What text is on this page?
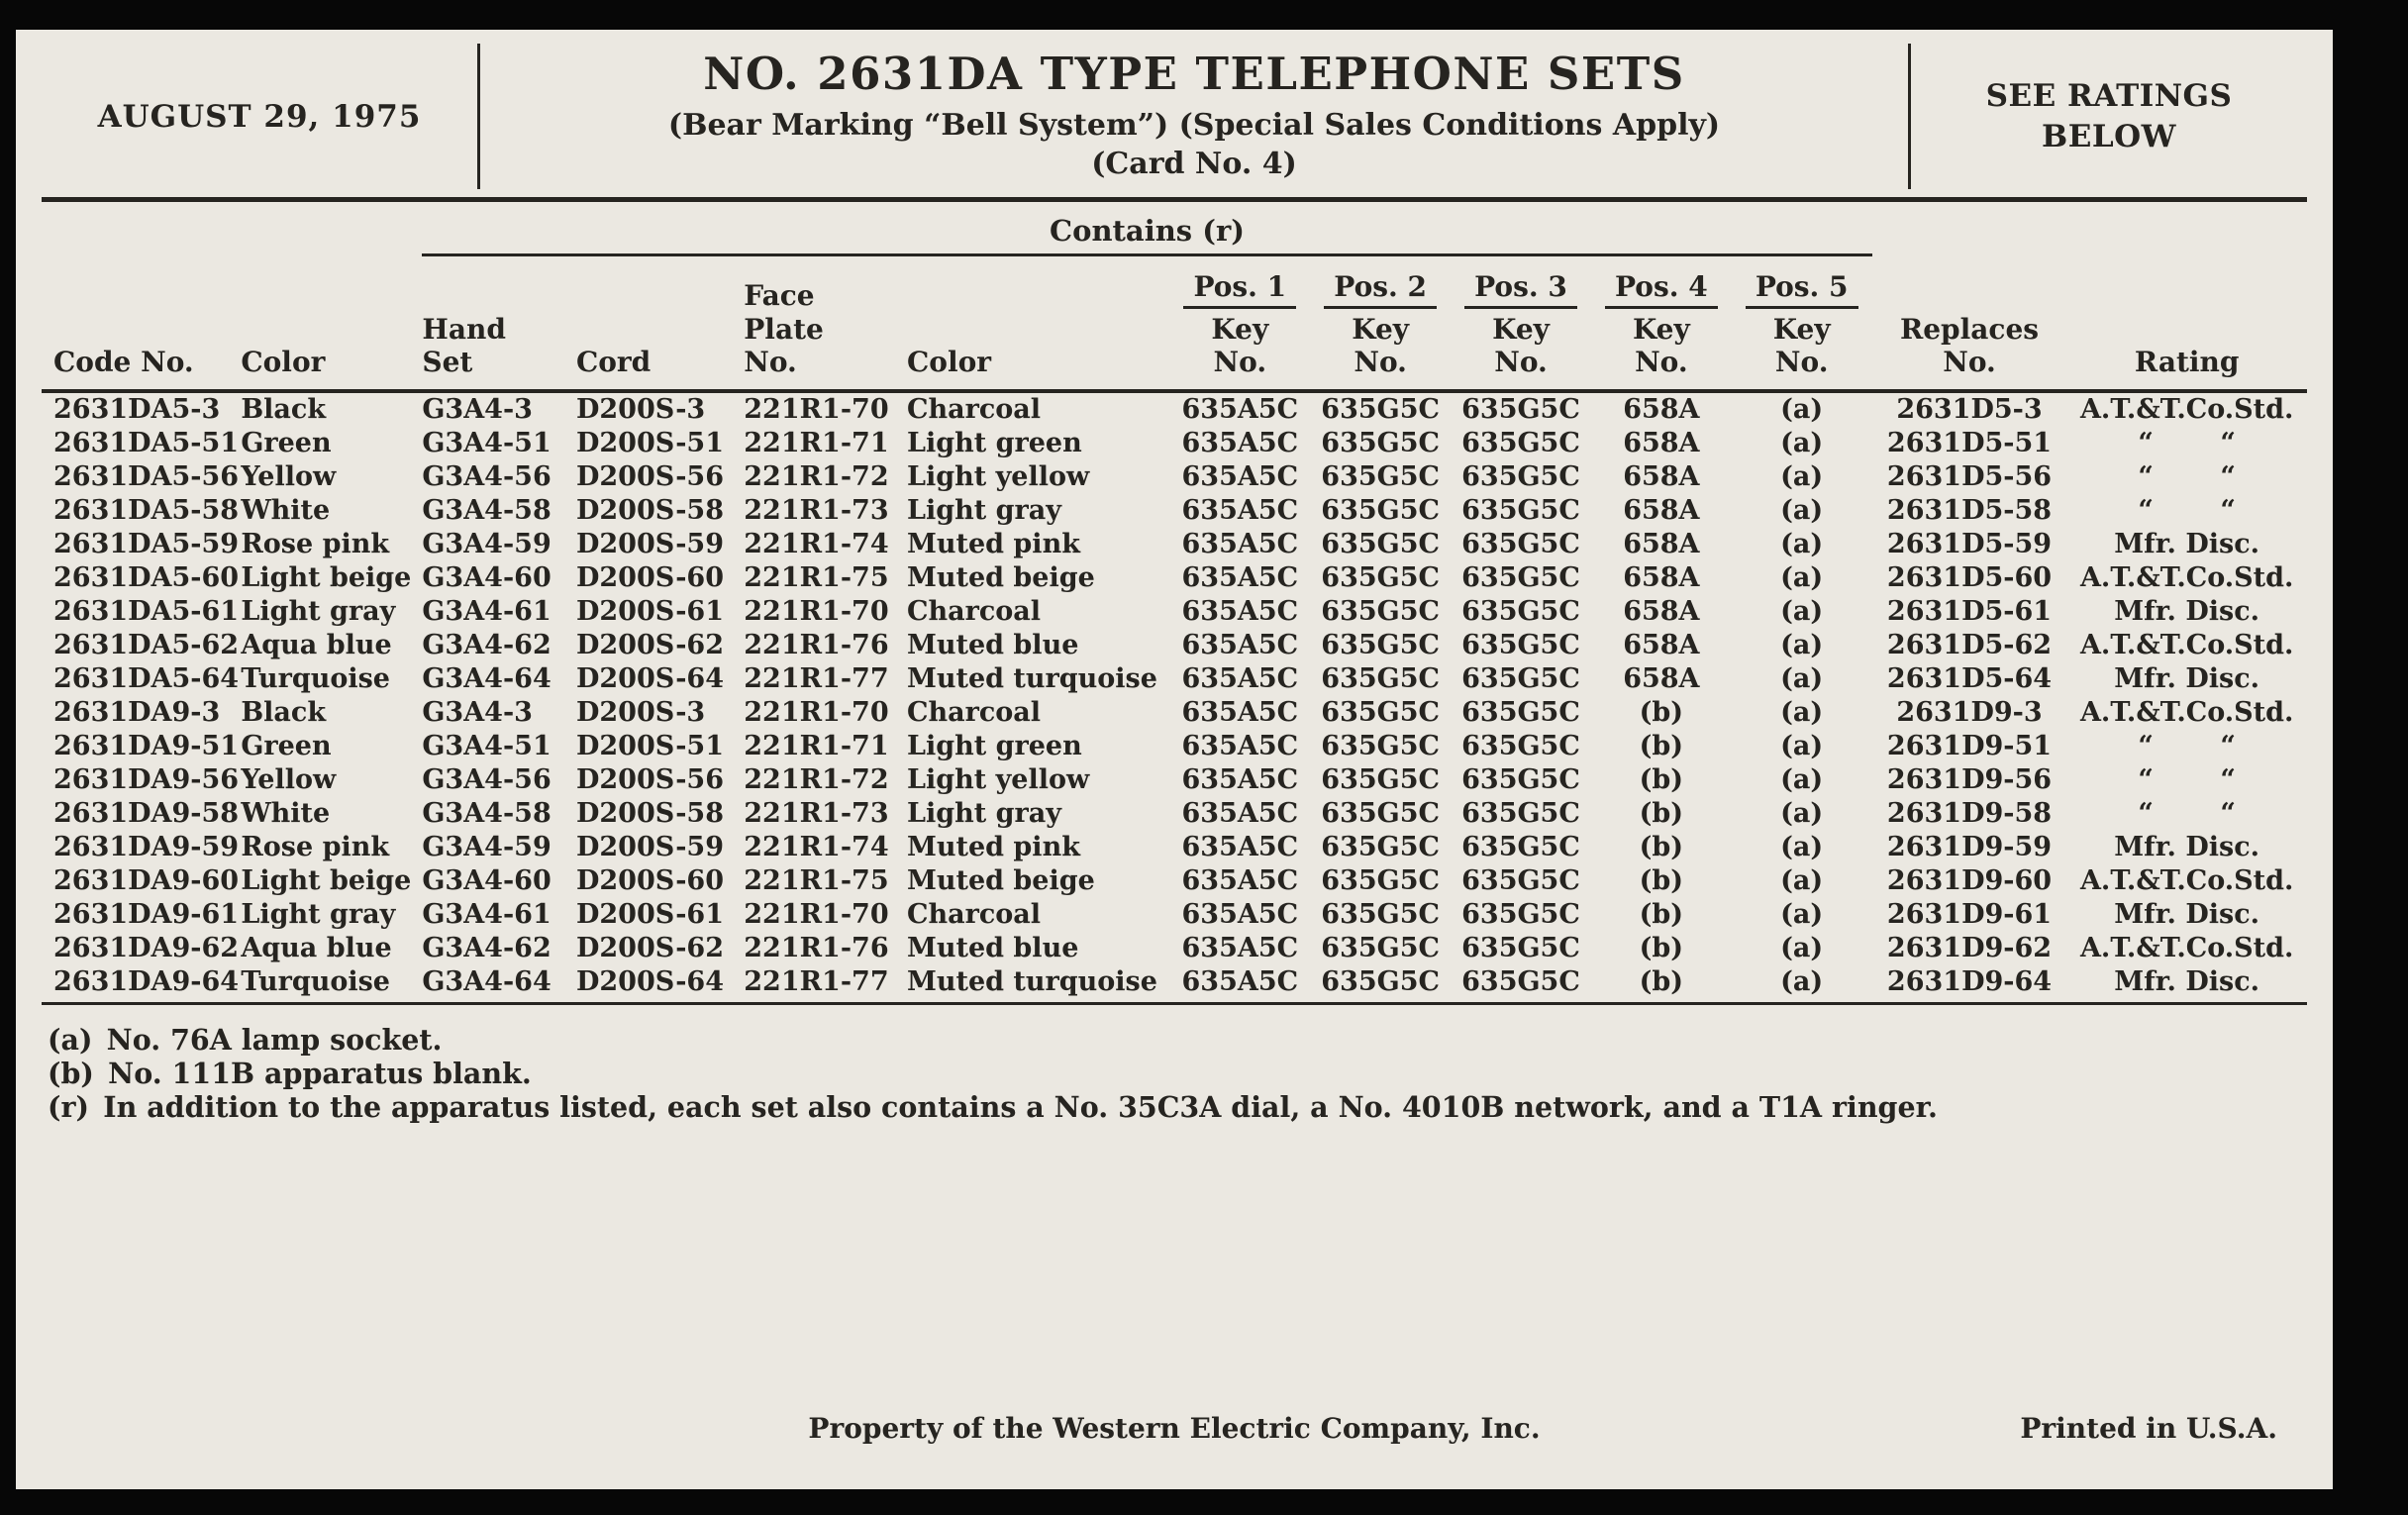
AUGUST 29, 1975
NO. 2631DA TYPE TELEPHONE SETS
(Bear Marking “Bell System”) (Special Sales Conditions Apply)
(Card No. 4)
SEE RATINGS
BELOW
		Contains (r)										

Code No.	Color

Hand
Set	Cord

Face
Plate
No.	Color

Pos. 1
Key
No.

Pos. 2
Key
No.

Pos. 3
Key
No.

Pos. 4
Key
No.

Pos. 5
Key
No.

Replaces
No.	Rating

2631DA5-3	Black	G3A4-3	D200S-3	221R1-70	Charcoal	635A5C	635G5C	635G5C	658A	(a)	2631D5-3	A.T.&T.Co.Std.
2631DA5-51	Green	G3A4-51	D200S-51	221R1-71	Light green	635A5C	635G5C	635G5C	658A	(a)	2631D5-51	“     “
2631DA5-56	Yellow	G3A4-56	D200S-56	221R1-72	Light yellow	635A5C	635G5C	635G5C	658A	(a)	2631D5-56	“     “
2631DA5-58	White	G3A4-58	D200S-58	221R1-73	Light gray	635A5C	635G5C	635G5C	658A	(a)	2631D5-58	“     “
2631DA5-59	Rose pink	G3A4-59	D200S-59	221R1-74	Muted pink	635A5C	635G5C	635G5C	658A	(a)	2631D5-59	Mfr. Disc.
2631DA5-60	Light beige	G3A4-60	D200S-60	221R1-75	Muted beige	635A5C	635G5C	635G5C	658A	(a)	2631D5-60	A.T.&T.Co.Std.
2631DA5-61	Light gray	G3A4-61	D200S-61	221R1-70	Charcoal	635A5C	635G5C	635G5C	658A	(a)	2631D5-61	Mfr. Disc.
2631DA5-62	Aqua blue	G3A4-62	D200S-62	221R1-76	Muted blue	635A5C	635G5C	635G5C	658A	(a)	2631D5-62	A.T.&T.Co.Std.
2631DA5-64	Turquoise	G3A4-64	D200S-64	221R1-77	Muted turquoise	635A5C	635G5C	635G5C	658A	(a)	2631D5-64	Mfr. Disc.
2631DA9-3	Black	G3A4-3	D200S-3	221R1-70	Charcoal	635A5C	635G5C	635G5C	(b)	(a)	2631D9-3	A.T.&T.Co.Std.
2631DA9-51	Green	G3A4-51	D200S-51	221R1-71	Light green	635A5C	635G5C	635G5C	(b)	(a)	2631D9-51	“     “
2631DA9-56	Yellow	G3A4-56	D200S-56	221R1-72	Light yellow	635A5C	635G5C	635G5C	(b)	(a)	2631D9-56	“     “
2631DA9-58	White	G3A4-58	D200S-58	221R1-73	Light gray	635A5C	635G5C	635G5C	(b)	(a)	2631D9-58	“     “
2631DA9-59	Rose pink	G3A4-59	D200S-59	221R1-74	Muted pink	635A5C	635G5C	635G5C	(b)	(a)	2631D9-59	Mfr. Disc.
2631DA9-60	Light beige	G3A4-60	D200S-60	221R1-75	Muted beige	635A5C	635G5C	635G5C	(b)	(a)	2631D9-60	A.T.&T.Co.Std.
2631DA9-61	Light gray	G3A4-61	D200S-61	221R1-70	Charcoal	635A5C	635G5C	635G5C	(b)	(a)	2631D9-61	Mfr. Disc.
2631DA9-62	Aqua blue	G3A4-62	D200S-62	221R1-76	Muted blue	635A5C	635G5C	635G5C	(b)	(a)	2631D9-62	A.T.&T.Co.Std.
2631DA9-64	Turquoise	G3A4-64	D200S-64	221R1-77	Muted turquoise	635A5C	635G5C	635G5C	(b)	(a)	2631D9-64	Mfr. Disc.
(a) No. 76A lamp socket.
(b) No. 111B apparatus blank.
(r) In addition to the apparatus listed, each set also contains a No. 35C3A dial, a No. 4010B network, and a T1A ringer.
Property of the Western Electric Company, Inc.	Printed in U.S.A.
